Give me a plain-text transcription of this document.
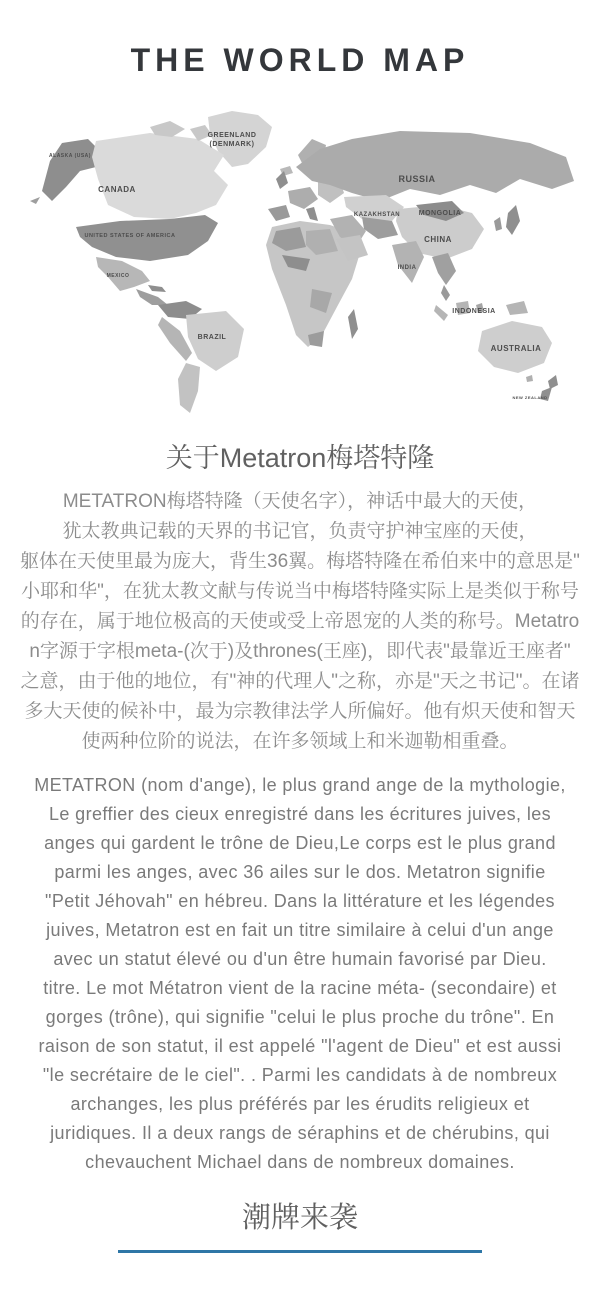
THE WORLD MAP
GREENLAND
(DENMARK)
ALASKA (USA)
CANADA
UNITED STATES OF AMERICA
MEXICO
BRAZIL
RUSSIA
KAZAKHSTAN	MONGOLIA
CHINA
INDIA
INDONESIA
AUSTRALIA
NEW ZEALAND
关于Metatron梅塔特隆
METATRON梅塔特隆（天使名字），神话中最大的天使，
犹太教典记载的天界的书记官，负责守护神宝座的天使，
躯体在天使里最为庞大，背生36翼。梅塔特隆在希伯来中的意思是"
小耶和华"，在犹太教文献与传说当中梅塔特隆实际上是类似于称号
的存在，属于地位极高的天使或受上帝恩宠的人类的称号。Metatro
n字源于字根meta-(次于)及thrones(王座)，即代表"最靠近王座者"
之意，由于他的地位，有"神的代理人"之称，亦是"天之书记"。在诸
多大天使的候补中，最为宗教律法学人所偏好。他有炽天使和智天
使两种位阶的说法，在许多领域上和米迦勒相重叠。
METATRON (nom d'ange), le plus grand ange de la mythologie,
Le greffier des cieux enregistré dans les écritures juives, les
anges qui gardent le trône de Dieu,Le corps est le plus grand
parmi les anges, avec 36 ailes sur le dos. Metatron signifie
"Petit Jéhovah" en hébreu. Dans la littérature et les légendes
juives, Metatron est en fait un titre similaire à celui d'un ange
avec un statut élevé ou d'un être humain favorisé par Dieu.
titre. Le mot Métatron vient de la racine méta- (secondaire) et
gorges (trône), qui signifie "celui le plus proche du trône". En
raison de son statut, il est appelé "l'agent de Dieu" et est aussi
"le secrétaire de le ciel". . Parmi les candidats à de nombreux
archanges, les plus préférés par les érudits religieux et
juridiques. Il a deux rangs de séraphins et de chérubins, qui
chevauchent Michael dans de nombreux domaines.
潮牌来袭
